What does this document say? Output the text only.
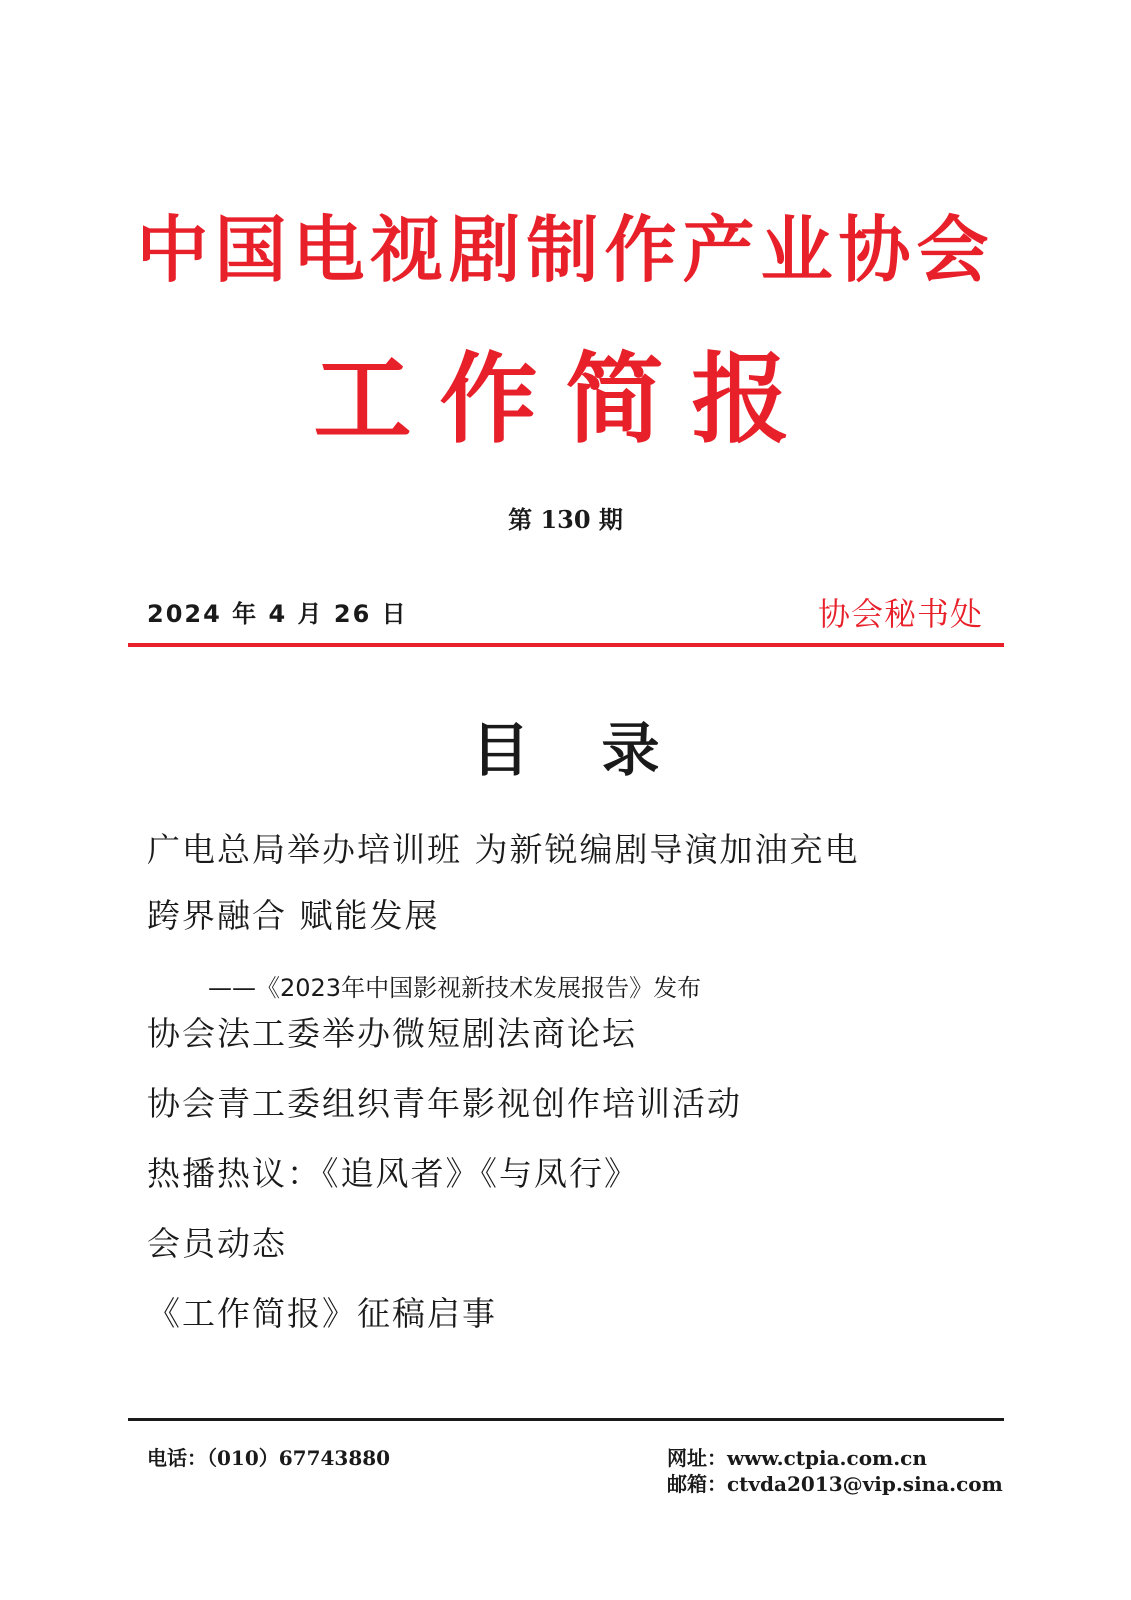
中国电视剧制作产业协会
工作简报
第 130 期
2024 年 4 月 26 日	协会秘书处
目 录
广电总局举办培训班 为新锐编剧导演加油充电
跨界融合 赋能发展
——《2023年中国影视新技术发展报告》发布
协会法工委举办微短剧法商论坛
协会青工委组织青年影视创作培训活动
热播热议：《追风者》《与凤行》
会员动态
《工作简报》征稿启事
电话：（010）67743880	网址：www.ctpia.com.cn
邮箱：ctvda2013@vip.sina.com
